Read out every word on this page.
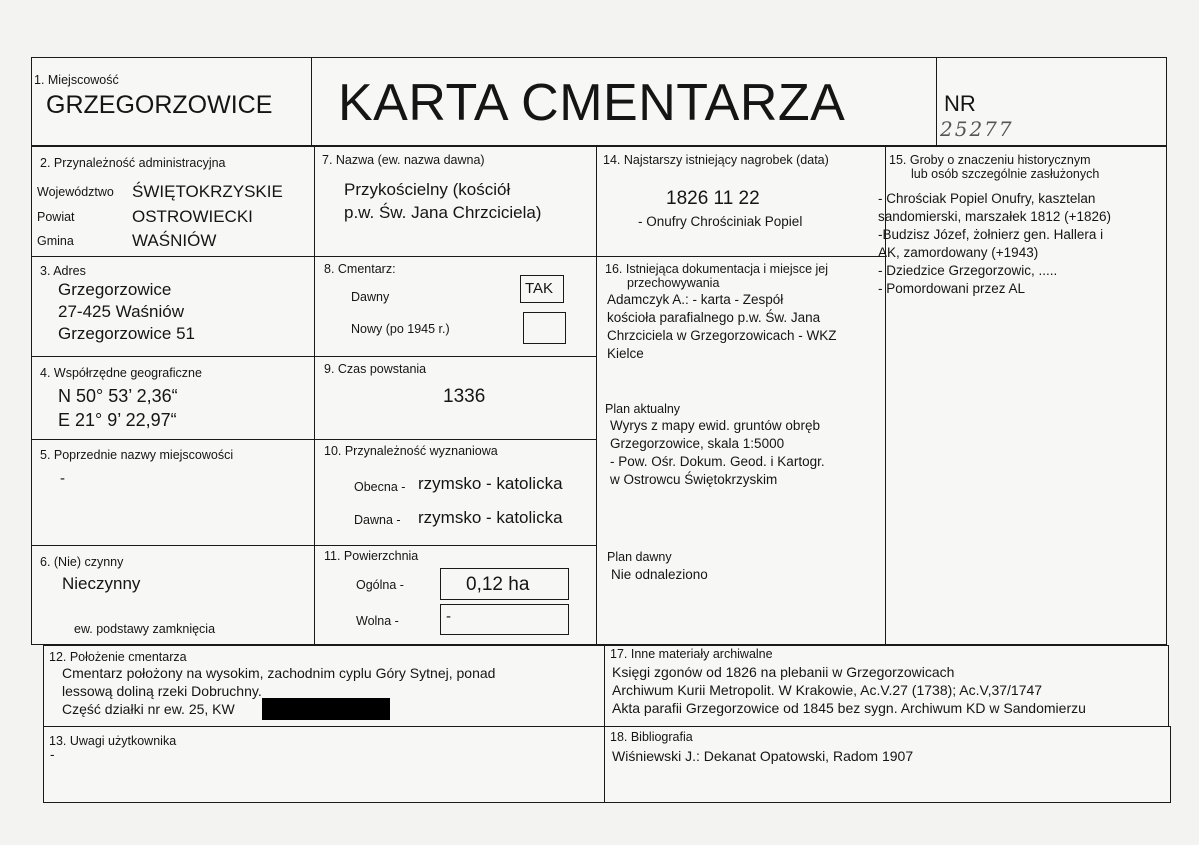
1. Miejscowość
GRZEGORZOWICE KARTA CMENTARZA	NR
25277
2. Przynależność administracyjna
Województwo ŚWIĘTOKRZYSKIE
Powiat	OSTROWIECKI
Gmina	WAŚNIÓW
3. Adres
Grzegorzowice
27-425 Waśniów
Grzegorzowice 51
4. Współrzędne geograficzne
N 50° 53’ 2,36“
E 21° 9’ 22,97“
5. Poprzednie nazwy miejscowości
-
6. (Nie) czynny
Nieczynny
ew. podstawy zamknięcia
7. Nazwa (ew. nazwa dawna)
Przykościelny (kościół
p.w. Św. Jana Chrzciciela)
8. Cmentarz:
Dawny	TAK
Nowy (po 1945 r.)
9. Czas powstania
1336
10. Przynależność wyznaniowa
Obecna - rzymsko - katolicka
Dawna - rzymsko - katolicka
11. Powierzchnia
Ogólna -	0,12 ha
Wolna -	-
14. Najstarszy istniejący nagrobek (data)
1826 11 22
- Onufry Chrościniak Popiel
16. Istniejąca dokumentacja i miejsce jej
przechowywania
Adamczyk A.: - karta - Zespół
kościoła parafialnego p.w. Św. Jana
Chrzciciela w Grzegorzowicach - WKZ
Kielce
Plan aktualny
Wyrys z mapy ewid. gruntów obręb
Grzegorzowice, skala 1:5000
- Pow. Ośr. Dokum. Geod. i Kartogr.
w Ostrowcu Świętokrzyskim
Plan dawny
Nie odnaleziono
15. Groby o znaczeniu historycznym
lub osób szczególnie zasłużonych
- Chrościak Popiel Onufry, kasztelan
sandomierski, marszałek 1812 (+1826)
-Budzisz Józef, żołnierz gen. Hallera i
AK, zamordowany (+1943)
- Dziedzice Grzegorzowic, .....
- Pomordowani przez AL
12. Położenie cmentarza
Cmentarz położony na wysokim, zachodnim cyplu Góry Sytnej, ponad
lessową doliną rzeki Dobruchny.
Część działki nr ew. 25, KW
17. Inne materiały archiwalne
Księgi zgonów od 1826 na plebanii w Grzegorzowicach
Archiwum Kurii Metropolit. W Krakowie, Ac.V.27 (1738); Ac.V,37/1747
Akta parafii Grzegorzowice od 1845 bez sygn. Archiwum KD w Sandomierzu
13. Uwagi użytkownika
-
18. Bibliografia
Wiśniewski J.: Dekanat Opatowski, Radom 1907
